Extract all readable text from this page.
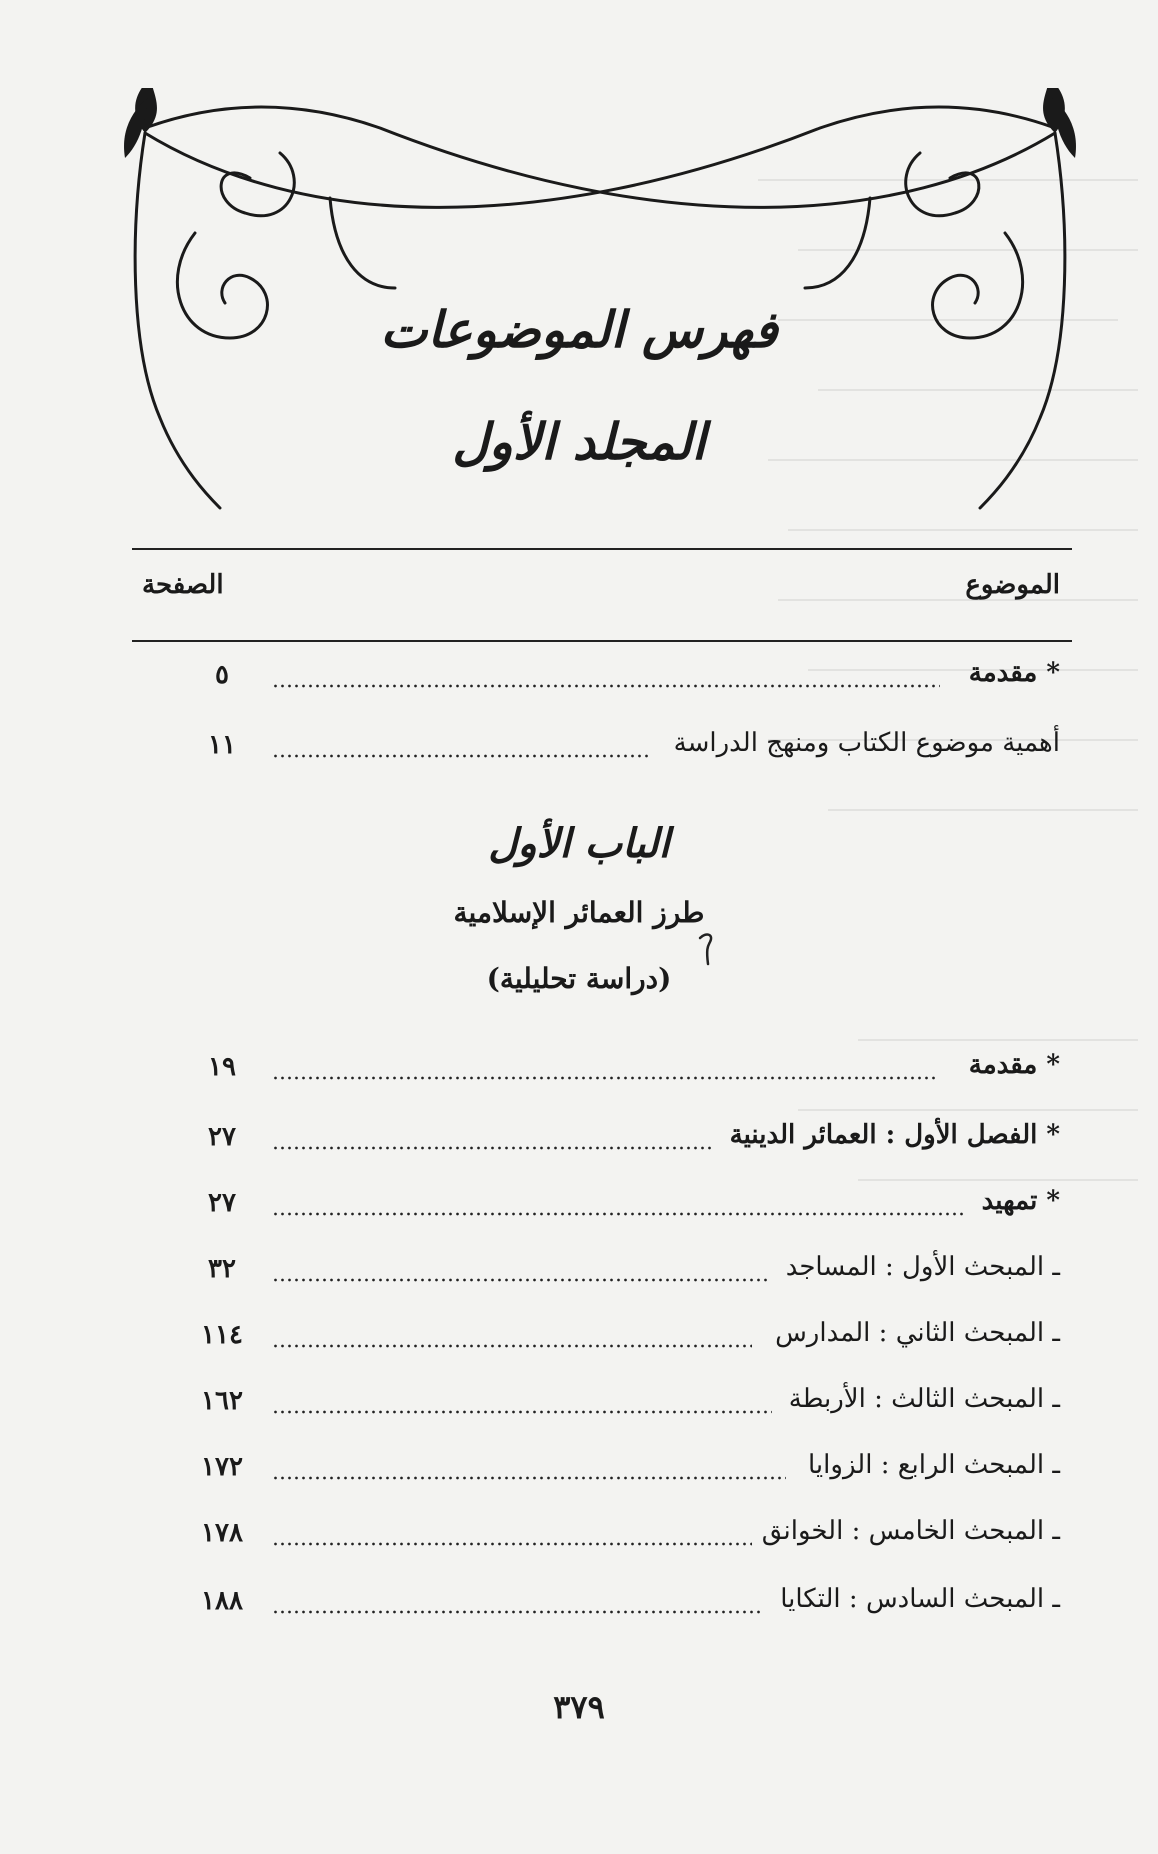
فهرس الموضوعات
المجلد الأول
الموضوع
الصفحة
* مقدمة
٥
أهمية موضوع الكتاب ومنهج الدراسة
١١
الباب الأول
طرز العمائر الإسلامية
(دراسة تحليلية)
* مقدمة
١٩
* الفصل الأول : العمائر الدينية
٢٧
* تمهيد
٢٧
ـ المبحث الأول : المساجد
٣٢
ـ المبحث الثاني : المدارس
١١٤
ـ المبحث الثالث : الأربطة
١٦٢
ـ المبحث الرابع : الزوايا
١٧٢
ـ المبحث الخامس : الخوانق
١٧٨
ـ المبحث السادس : التكايا
١٨٨
٣٧٩
